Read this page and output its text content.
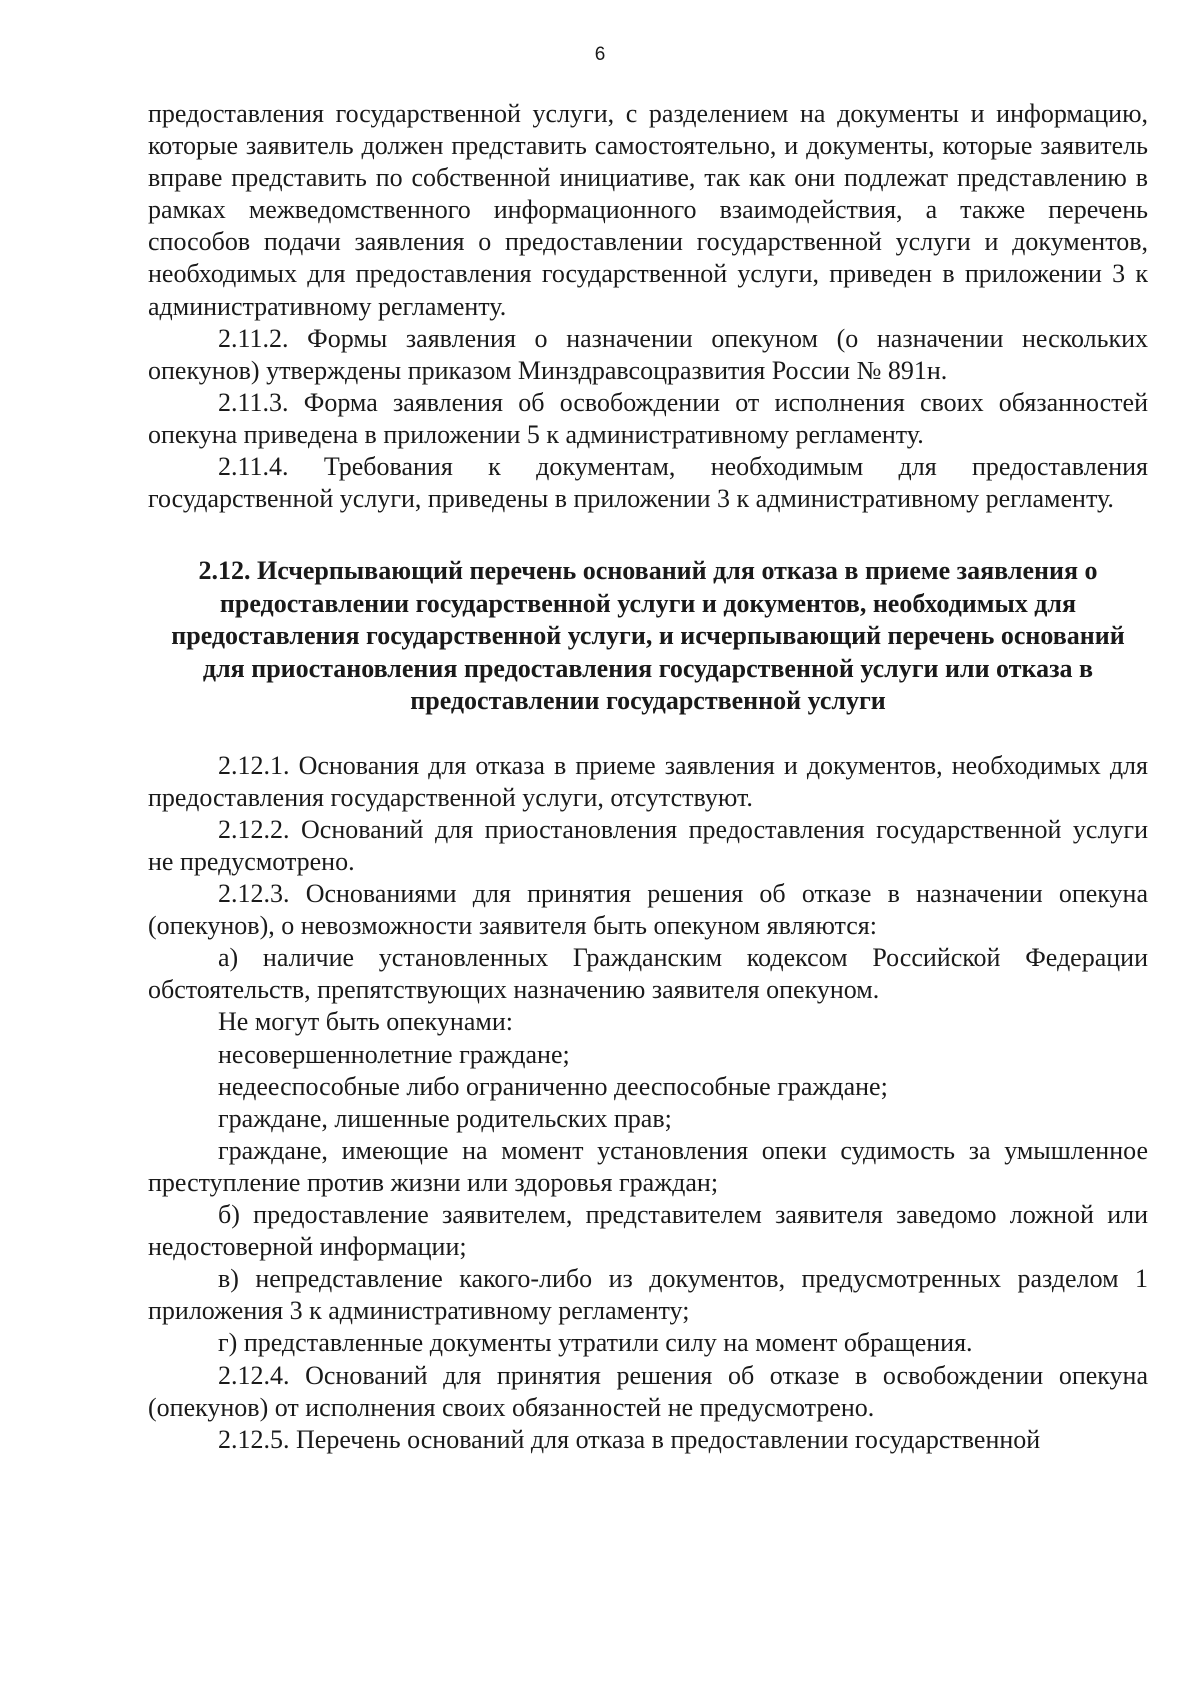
6

предоставления государственной услуги, с разделением на документы и информацию, которые заявитель должен представить самостоятельно, и документы, которые заявитель вправе представить по собственной инициативе, так как они подлежат представлению в рамках межведомственного информационного взаимодействия, а также перечень способов подачи заявления о предоставлении государственной услуги и документов, необходимых для предоставления государственной услуги, приведен в приложении 3 к административному регламенту.

2.11.2. Формы заявления о назначении опекуном (о назначении нескольких опекунов) утверждены приказом Минздравсоцразвития России № 891н.

2.11.3. Форма заявления об освобождении от исполнения своих обязанностей опекуна приведена в приложении 5 к административному регламенту.

2.11.4. Требования к документам, необходимым для предоставления государственной услуги, приведены в приложении 3 к административному регламенту.

2.12. Исчерпывающий перечень оснований для отказа в приеме заявления о предоставлении государственной услуги и документов, необходимых для предоставления государственной услуги, и исчерпывающий перечень оснований для приостановления предоставления государственной услуги или отказа в предоставлении государственной услуги

2.12.1. Основания для отказа в приеме заявления и документов, необходимых для предоставления государственной услуги, отсутствуют.

2.12.2. Оснований для приостановления предоставления государственной услуги не предусмотрено.

2.12.3. Основаниями для принятия решения об отказе в назначении опекуна (опекунов), о невозможности заявителя быть опекуном являются:

а) наличие установленных Гражданским кодексом Российской Федерации обстоятельств, препятствующих назначению заявителя опекуном.

Не могут быть опекунами:

несовершеннолетние граждане;

недееспособные либо ограниченно дееспособные граждане;

граждане, лишенные родительских прав;

граждане, имеющие на момент установления опеки судимость за умышленное преступление против жизни или здоровья граждан;

б) предоставление заявителем, представителем заявителя заведомо ложной или недостоверной информации;

в) непредставление какого-либо из документов, предусмотренных разделом 1 приложения 3 к административному регламенту;

г) представленные документы утратили силу на момент обращения.

2.12.4. Оснований для принятия решения об отказе в освобождении опекуна (опекунов) от исполнения своих обязанностей не предусмотрено.

2.12.5. Перечень оснований для отказа в предоставлении государственной
